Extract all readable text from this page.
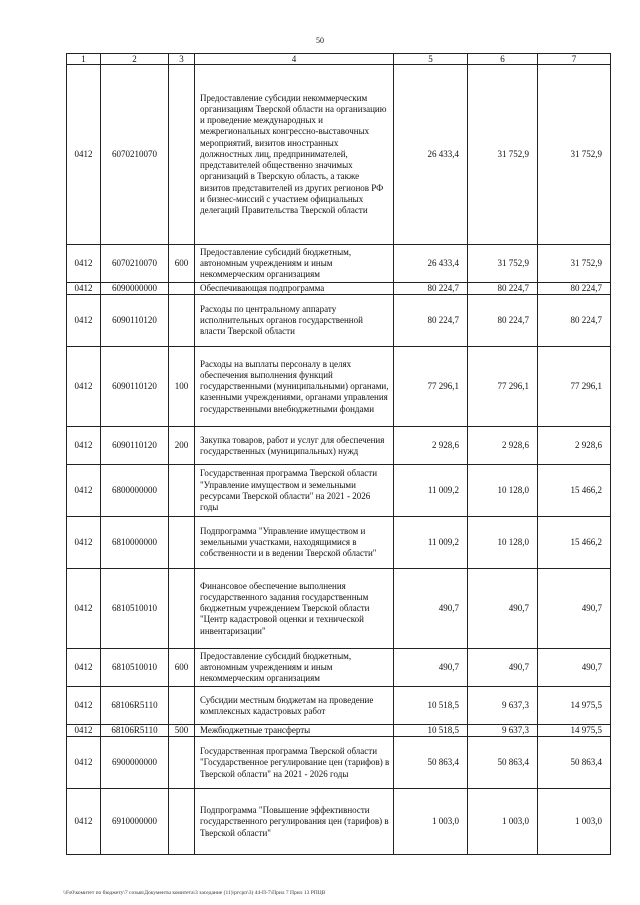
50
1	2	3	4	5	6	7
0412	6070210070		Предоставление субсидии некоммерческим организациям Тверской области на организацию и проведение международных и межрегиональных конгрессно-выставочных мероприятий, визитов иностранных должностных лиц, предпринимателей, представителей общественно значимых организаций в Тверскую область, а также визитов представителей из других регионов РФ и бизнес-миссий с участием официальных делегаций Правительства Тверской области	26 433,4	31 752,9	31 752,9
0412	6070210070	600	Предоставление субсидий бюджетным, автономным учреждениям и иным некоммерческим организациям	26 433,4	31 752,9	31 752,9
0412	6090000000		Обеспечивающая подпрограмма	80 224,7	80 224,7	80 224,7
0412	6090110120		Расходы по центральному аппарату исполнительных органов государственной власти Тверской области	80 224,7	80 224,7	80 224,7
0412	6090110120	100	Расходы на выплаты персоналу в целях обеспечения выполнения функций государственными (муниципальными) органами, казенными учреждениями, органами управления государственными внебюджетными фондами	77 296,1	77 296,1	77 296,1
0412	6090110120	200	Закупка товаров, работ и услуг для обеспечения государственных (муниципальных) нужд	2 928,6	2 928,6	2 928,6
0412	6800000000		Государственная программа Тверской области "Управление имуществом и земельными ресурсами Тверской области" на 2021 - 2026 годы	11 009,2	10 128,0	15 466,2
0412	6810000000		Подпрограмма "Управление имуществом и земельными участками, находящимися в собственности и в ведении Тверской области"	11 009,2	10 128,0	15 466,2
0412	6810510010		Финансовое обеспечение выполнения государственного задания государственным бюджетным учреждением Тверской области "Центр кадастровой оценки и технической инвентаризации"	490,7	490,7	490,7
0412	6810510010	600	Предоставление субсидий бюджетным, автономным учреждениям и иным некоммерческим организациям	490,7	490,7	490,7
0412	68106R5110		Субсидии местным бюджетам на проведение комплексных кадастровых работ	10 518,5	9 637,3	14 975,5
0412	68106R5110	500	Межбюджетные трансферты	10 518,5	9 637,3	14 975,5
0412	6900000000		Государственная программа Тверской области "Государственное регулирование цен (тарифов) в Тверской области" на 2021 - 2026 годы	50 863,4	50 863,4	50 863,4
0412	6910000000		Подпрограмма "Повышение эффективности государственного регулирования цен (тарифов) в Тверской области"	1 003,0	1 003,0	1 003,0
\\Fs0\комитет по бюджету\7 созыв\Документы комитета\3 заседание (11)\ргсрп\3) 44-П-7\Прил 7 Прил 13 РПЦВ
